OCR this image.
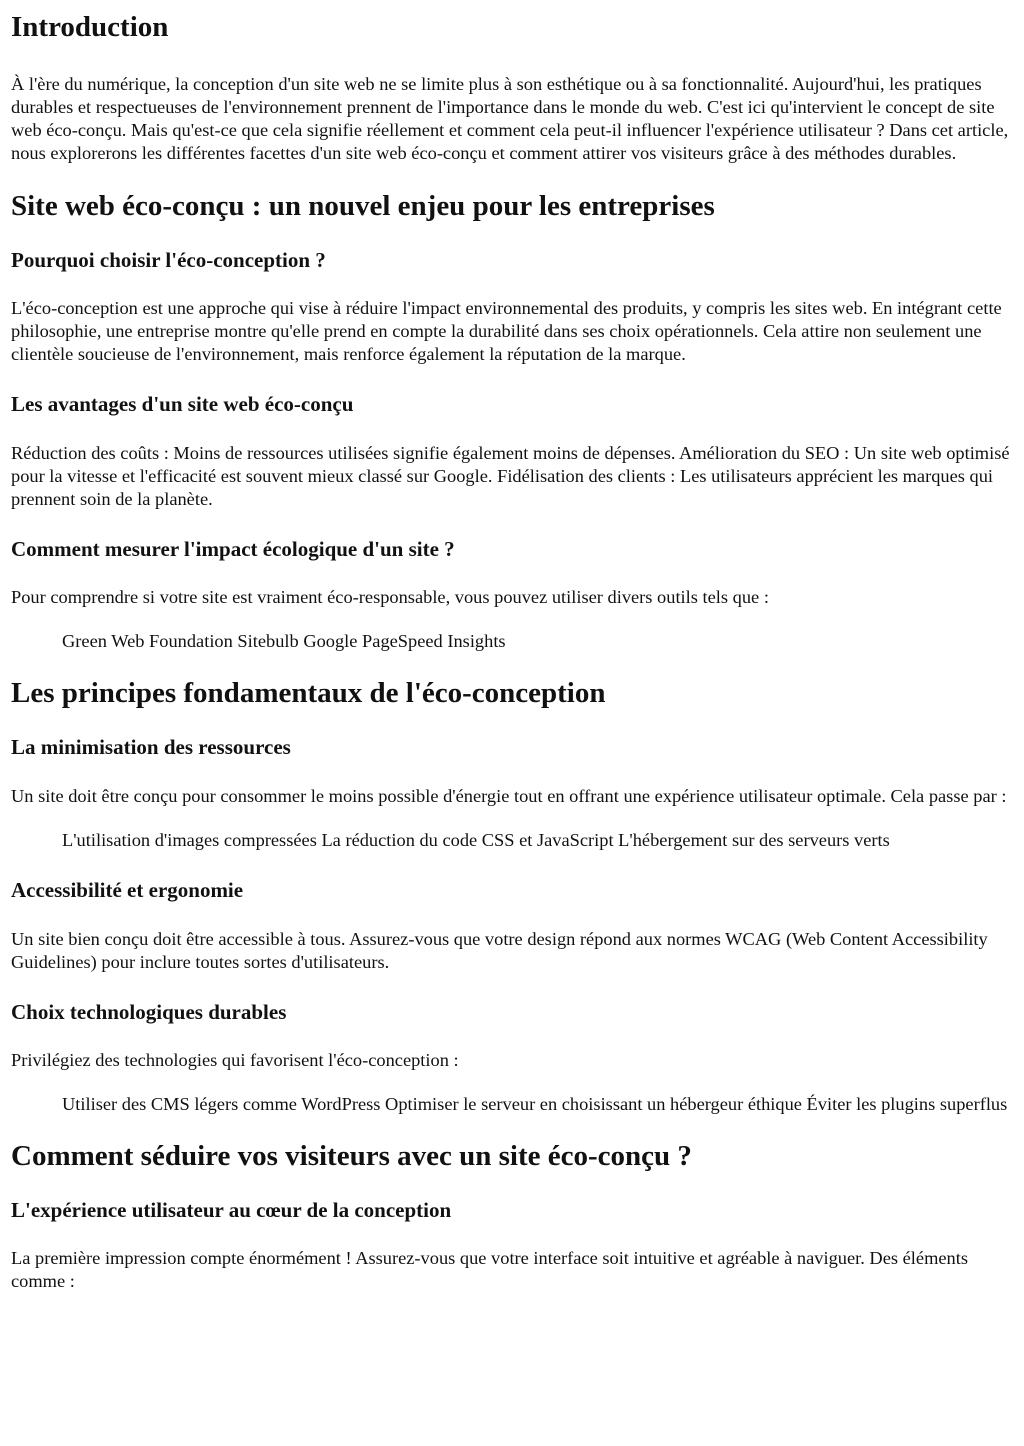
Introduction

À l'ère du numérique, la conception d'un site web ne se limite plus à son esthétique ou à sa fonctionnalité. Aujourd'hui, les pratiques durables et respectueuses de l'environnement prennent de l'importance dans le monde du web. C'est ici qu'intervient le concept de site web éco-conçu. Mais qu'est-ce que cela signifie réellement et comment cela peut-il influencer l'expérience utilisateur ? Dans cet article, nous explorerons les différentes facettes d'un site web éco-conçu et comment attirer vos visiteurs grâce à des méthodes durables.

Site web éco-conçu : un nouvel enjeu pour les entreprises
Pourquoi choisir l'éco-conception ?

L'éco-conception est une approche qui vise à réduire l'impact environnemental des produits, y compris les sites web. En intégrant cette philosophie, une entreprise montre qu'elle prend en compte la durabilité dans ses choix opérationnels. Cela attire non seulement une clientèle soucieuse de l'environnement, mais renforce également la réputation de la marque.

Les avantages d'un site web éco-conçu

Réduction des coûts : Moins de ressources utilisées signifie également moins de dépenses. Amélioration du SEO : Un site web optimisé pour la vitesse et l'efficacité est souvent mieux classé sur Google. Fidélisation des clients : Les utilisateurs apprécient les marques qui prennent soin de la planète.

Comment mesurer l'impact écologique d'un site ?

Pour comprendre si votre site est vraiment éco-responsable, vous pouvez utiliser divers outils tels que :

Green Web Foundation Sitebulb Google PageSpeed Insights

Les principes fondamentaux de l'éco-conception
La minimisation des ressources

Un site doit être conçu pour consommer le moins possible d'énergie tout en offrant une expérience utilisateur optimale. Cela passe par :

L'utilisation d'images compressées La réduction du code CSS et JavaScript L'hébergement sur des serveurs verts

Accessibilité et ergonomie

Un site bien conçu doit être accessible à tous. Assurez-vous que votre design répond aux normes WCAG (Web Content Accessibility Guidelines) pour inclure toutes sortes d'utilisateurs.

Choix technologiques durables

Privilégiez des technologies qui favorisent l'éco-conception :

Utiliser des CMS légers comme WordPress Optimiser le serveur en choisissant un hébergeur éthique Éviter les plugins superflus

Comment séduire vos visiteurs avec un site éco-conçu ?
L'expérience utilisateur au cœur de la conception

La première impression compte énormément ! Assurez-vous que votre interface soit intuitive et agréable à naviguer. Des éléments comme :
